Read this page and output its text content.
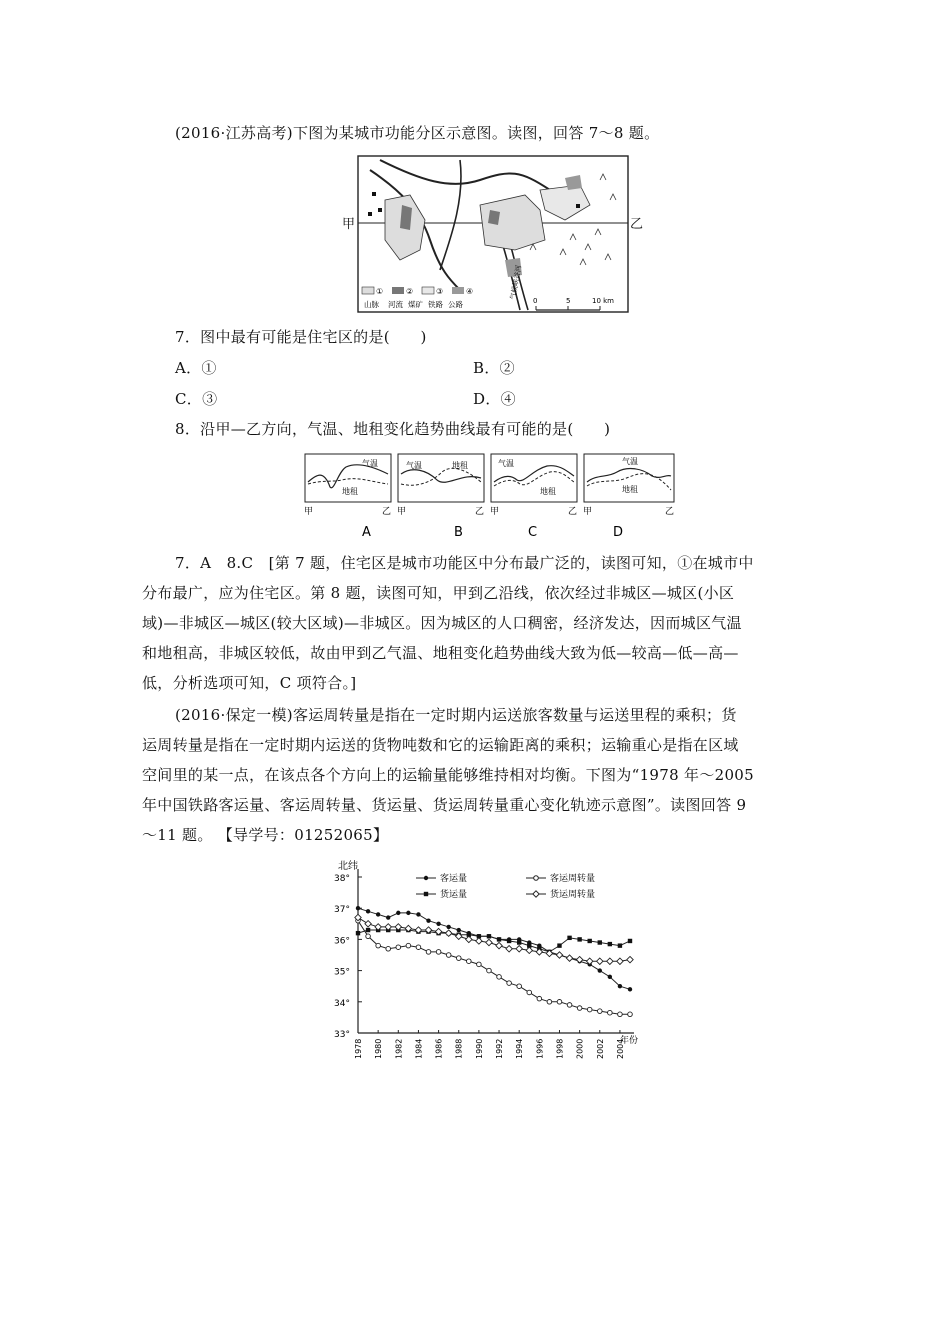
(2016·江苏高考)下图为某城市功能分区示意图。读图，回答 7～8 题。
甲	乙
①	②	③	④
山脉 河流 煤矿 铁路 公路
气候峡谷河
0	5	10 km
7．图中最有可能是住宅区的是(　　)
A．①	B．②
C．③	D．④
8．沿甲—乙方向，气温、地租变化趋势曲线最有可能的是(　　)
气温
地租
甲	乙
气温	地租
甲	乙
气温
地租
甲	乙
气温
地租
甲	乙
A	B	C	D
7．A　8.C　[第 7 题，住宅区是城市功能区中分布最广泛的，读图可知，①在城市中
分布最广，应为住宅区。第 8 题，读图可知，甲到乙沿线，依次经过非城区—城区(小区
域)—非城区—城区(较大区域)—非城区。因为城区的人口稠密，经济发达，因而城区气温
和地租高，非城区较低，故由甲到乙气温、地租变化趋势曲线大致为低—较高—低—高—
低，分析选项可知，C 项符合。]
(2016·保定一模)客运周转量是指在一定时期内运送旅客数量与运送里程的乘积；货
运周转量是指在一定时期内运送的货物吨数和它的运输距离的乘积；运输重心是指在区域
空间里的某一点，在该点各个方向上的运输量能够维持相对均衡。下图为“1978 年～2005
年中国铁路客运量、客运周转量、货运量、货运周转量重心变化轨迹示意图”。读图回答 9
～11 题。 【导学号：01252065】
北纬
年份
33°
34°
35°
36°
37°
38°
1978 1980 1982 1984 1986 1988 1990 1992 1994 1996 1998 2000 2002 2004
客运量	客运周转量
货运量	货运周转量
